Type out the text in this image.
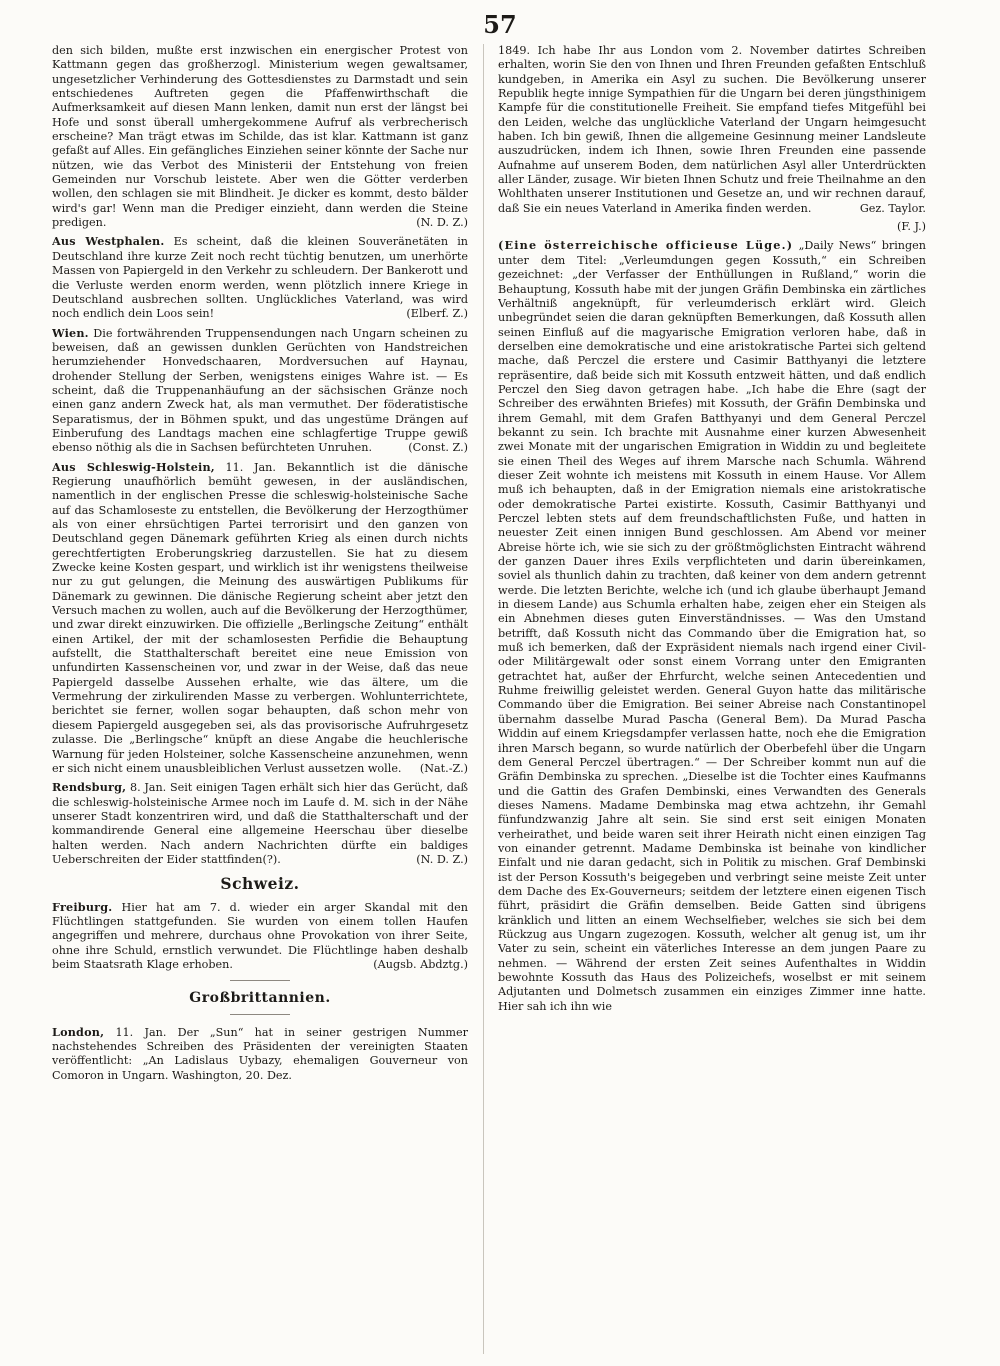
57

den sich bilden, mußte erst inzwischen ein energischer Protest von Kattmann gegen das großherzogl. Ministerium wegen gewaltsamer, ungesetzlicher Verhinderung des Gottesdienstes zu Darmstadt und sein entschiedenes Auftreten gegen die Pfaffenwirthschaft die Aufmerksamkeit auf diesen Mann lenken, damit nun erst der längst bei Hofe und sonst überall umhergekommene Aufruf als verbrecherisch erscheine? Man trägt etwas im Schilde, das ist klar. Kattmann ist ganz gefaßt auf Alles. Ein gefängliches Einziehen seiner könnte der Sache nur nützen, wie das Verbot des Ministerii der Entstehung von freien Gemeinden nur Vorschub leistete. Aber wen die Götter verderben wollen, den schlagen sie mit Blindheit. Je dicker es kommt, desto bälder wird's gar! Wenn man die Prediger einzieht, dann werden die Steine predigen.	(N. D. Z.)

Aus Westphalen. Es scheint, daß die kleinen Souveränetäten in Deutschland ihre kurze Zeit noch recht tüchtig benutzen, um unerhörte Massen von Papiergeld in den Verkehr zu schleudern. Der Bankerott und die Verluste werden enorm werden, wenn plötzlich innere Kriege in Deutschland ausbrechen sollten. Unglückliches Vaterland, was wird noch endlich dein Loos sein!	(Elberf. Z.)

Wien. Die fortwährenden Truppensendungen nach Ungarn scheinen zu beweisen, daß an gewissen dunklen Gerüchten von Handstreichen herumziehender Honvedschaaren, Mordversuchen auf Haynau, drohender Stellung der Serben, wenigstens einiges Wahre ist. — Es scheint, daß die Truppenanhäufung an der sächsischen Gränze noch einen ganz andern Zweck hat, als man vermuthet. Der föderatistische Separatismus, der in Böhmen spukt, und das ungestüme Drängen auf Einberufung des Landtags machen eine schlagfertige Truppe gewiß ebenso nöthig als die in Sachsen befürchteten Unruhen.	(Const. Z.)

Aus Schleswig-Holstein, 11. Jan. Bekanntlich ist die dänische Regierung unaufhörlich bemüht gewesen, in der ausländischen, namentlich in der englischen Presse die schleswig-holsteinische Sache auf das Schamloseste zu entstellen, die Bevölkerung der Herzogthümer als von einer ehrsüchtigen Partei terrorisirt und den ganzen von Deutschland gegen Dänemark geführten Krieg als einen durch nichts gerechtfertigten Eroberungskrieg darzustellen. Sie hat zu diesem Zwecke keine Kosten gespart, und wirklich ist ihr wenigstens theilweise nur zu gut gelungen, die Meinung des auswärtigen Publikums für Dänemark zu gewinnen. Die dänische Regierung scheint aber jetzt den Versuch machen zu wollen, auch auf die Bevölkerung der Herzogthümer, und zwar direkt einzuwirken. Die offizielle „Berlingsche Zeitung“ enthält einen Artikel, der mit der schamlosesten Perfidie die Behauptung aufstellt, die Statthalterschaft bereitet eine neue Emission von unfundirten Kassenscheinen vor, und zwar in der Weise, daß das neue Papiergeld dasselbe Aussehen erhalte, wie das ältere, um die Vermehrung der zirkulirenden Masse zu verbergen. Wohlunterrichtete, berichtet sie ferner, wollen sogar behaupten, daß schon mehr von diesem Papiergeld ausgegeben sei, als das provisorische Aufruhrgesetz zulasse. Die „Berlingsche“ knüpft an diese Angabe die heuchlerische Warnung für jeden Holsteiner, solche Kassenscheine anzunehmen, wenn er sich nicht einem unausbleiblichen Verlust aussetzen wolle.	(Nat.-Z.)

Rendsburg, 8. Jan. Seit einigen Tagen erhält sich hier das Gerücht, daß die schleswig-holsteinische Armee noch im Laufe d. M. sich in der Nähe unserer Stadt konzentriren wird, und daß die Statthalterschaft und der kommandirende General eine allgemeine Heerschau über dieselbe halten werden. Nach andern Nachrichten dürfte ein baldiges Ueberschreiten der Eider stattfinden(?).	(N. D. Z.)

Schweiz.

Freiburg. Hier hat am 7. d. wieder ein arger Skandal mit den Flüchtlingen stattgefunden. Sie wurden von einem tollen Haufen angegriffen und mehrere, durchaus ohne Provokation von ihrer Seite, ohne ihre Schuld, ernstlich verwundet. Die Flüchtlinge haben deshalb beim Staatsrath Klage erhoben.	(Augsb. Abdztg.)

Großbrittannien.

London, 11. Jan. Der „Sun“ hat in seiner gestrigen Nummer nachstehendes Schreiben des Präsidenten der vereinigten Staaten veröffentlicht: „An Ladislaus Uybazy, ehemaligen Gouverneur von Comoron in Ungarn. Washington, 20. Dez.

1849. Ich habe Ihr aus London vom 2. November datirtes Schreiben erhalten, worin Sie den von Ihnen und Ihren Freunden gefaßten Entschluß kundgeben, in Amerika ein Asyl zu suchen. Die Bevölkerung unserer Republik hegte innige Sympathien für die Ungarn bei deren jüngsthinigem Kampfe für die constitutionelle Freiheit. Sie empfand tiefes Mitgefühl bei den Leiden, welche das unglückliche Vaterland der Ungarn heimgesucht haben. Ich bin gewiß, Ihnen die allgemeine Gesinnung meiner Landsleute auszudrücken, indem ich Ihnen, sowie Ihren Freunden eine passende Aufnahme auf unserem Boden, dem natürlichen Asyl aller Unterdrückten aller Länder, zusage. Wir bieten Ihnen Schutz und freie Theilnahme an den Wohlthaten unserer Institutionen und Gesetze an, und wir rechnen darauf, daß Sie ein neues Vaterland in Amerika finden werden.	Gez. Taylor.

(F. J.)

(Eine österreichische officieuse Lüge.) „Daily News“ bringen unter dem Titel: „Verleumdungen gegen Kossuth,“ ein Schreiben gezeichnet: „der Verfasser der Enthüllungen in Rußland,“ worin die Behauptung, Kossuth habe mit der jungen Gräfin Dembinska ein zärtliches Verhältniß angeknüpft, für verleumderisch erklärt wird. Gleich unbegründet seien die daran geknüpften Bemerkungen, daß Kossuth allen seinen Einfluß auf die magyarische Emigration verloren habe, daß in derselben eine demokratische und eine aristokratische Partei sich geltend mache, daß Perczel die erstere und Casimir Batthyanyi die letztere repräsentire, daß beide sich mit Kossuth entzweit hätten, und daß endlich Perczel den Sieg davon getragen habe. „Ich habe die Ehre (sagt der Schreiber des erwähnten Briefes) mit Kossuth, der Gräfin Dembinska und ihrem Gemahl, mit dem Grafen Batthyanyi und dem General Perczel bekannt zu sein. Ich brachte mit Ausnahme einer kurzen Abwesenheit zwei Monate mit der ungarischen Emigration in Widdin zu und begleitete sie einen Theil des Weges auf ihrem Marsche nach Schumla. Während dieser Zeit wohnte ich meistens mit Kossuth in einem Hause. Vor Allem muß ich behaupten, daß in der Emigration niemals eine aristokratische oder demokratische Partei existirte. Kossuth, Casimir Batthyanyi und Perczel lebten stets auf dem freundschaftlichsten Fuße, und hatten in neuester Zeit einen innigen Bund geschlossen. Am Abend vor meiner Abreise hörte ich, wie sie sich zu der größtmöglichsten Eintracht während der ganzen Dauer ihres Exils verpflichteten und darin übereinkamen, soviel als thunlich dahin zu trachten, daß keiner von dem andern getrennt werde. Die letzten Berichte, welche ich (und ich glaube überhaupt Jemand in diesem Lande) aus Schumla erhalten habe, zeigen eher ein Steigen als ein Abnehmen dieses guten Einverständnisses. — Was den Umstand betrifft, daß Kossuth nicht das Commando über die Emigration hat, so muß ich bemerken, daß der Expräsident niemals nach irgend einer Civil- oder Militärgewalt oder sonst einem Vorrang unter den Emigranten getrachtet hat, außer der Ehrfurcht, welche seinen Antecedentien und Ruhme freiwillig geleistet werden. General Guyon hatte das militärische Commando über die Emigration. Bei seiner Abreise nach Constantinopel übernahm dasselbe Murad Pascha (General Bem). Da Murad Pascha Widdin auf einem Kriegsdampfer verlassen hatte, noch ehe die Emigration ihren Marsch begann, so wurde natürlich der Oberbefehl über die Ungarn dem General Perczel übertragen.“ — Der Schreiber kommt nun auf die Gräfin Dembinska zu sprechen. „Dieselbe ist die Tochter eines Kaufmanns und die Gattin des Grafen Dembinski, eines Verwandten des Generals dieses Namens. Madame Dembinska mag etwa achtzehn, ihr Gemahl fünfundzwanzig Jahre alt sein. Sie sind erst seit einigen Monaten verheirathet, und beide waren seit ihrer Heirath nicht einen einzigen Tag von einander getrennt. Madame Dembinska ist beinahe von kindlicher Einfalt und nie daran gedacht, sich in Politik zu mischen. Graf Dembinski ist der Person Kossuth's beigegeben und verbringt seine meiste Zeit unter dem Dache des Ex-Gouverneurs; seitdem der letztere einen eigenen Tisch führt, präsidirt die Gräfin demselben. Beide Gatten sind übrigens kränklich und litten an einem Wechselfieber, welches sie sich bei dem Rückzug aus Ungarn zugezogen. Kossuth, welcher alt genug ist, um ihr Vater zu sein, scheint ein väterliches Interesse an dem jungen Paare zu nehmen. — Während der ersten Zeit seines Aufenthaltes in Widdin bewohnte Kossuth das Haus des Polizeichefs, woselbst er mit seinem Adjutanten und Dolmetsch zusammen ein einziges Zimmer inne hatte. Hier sah ich ihn wie
